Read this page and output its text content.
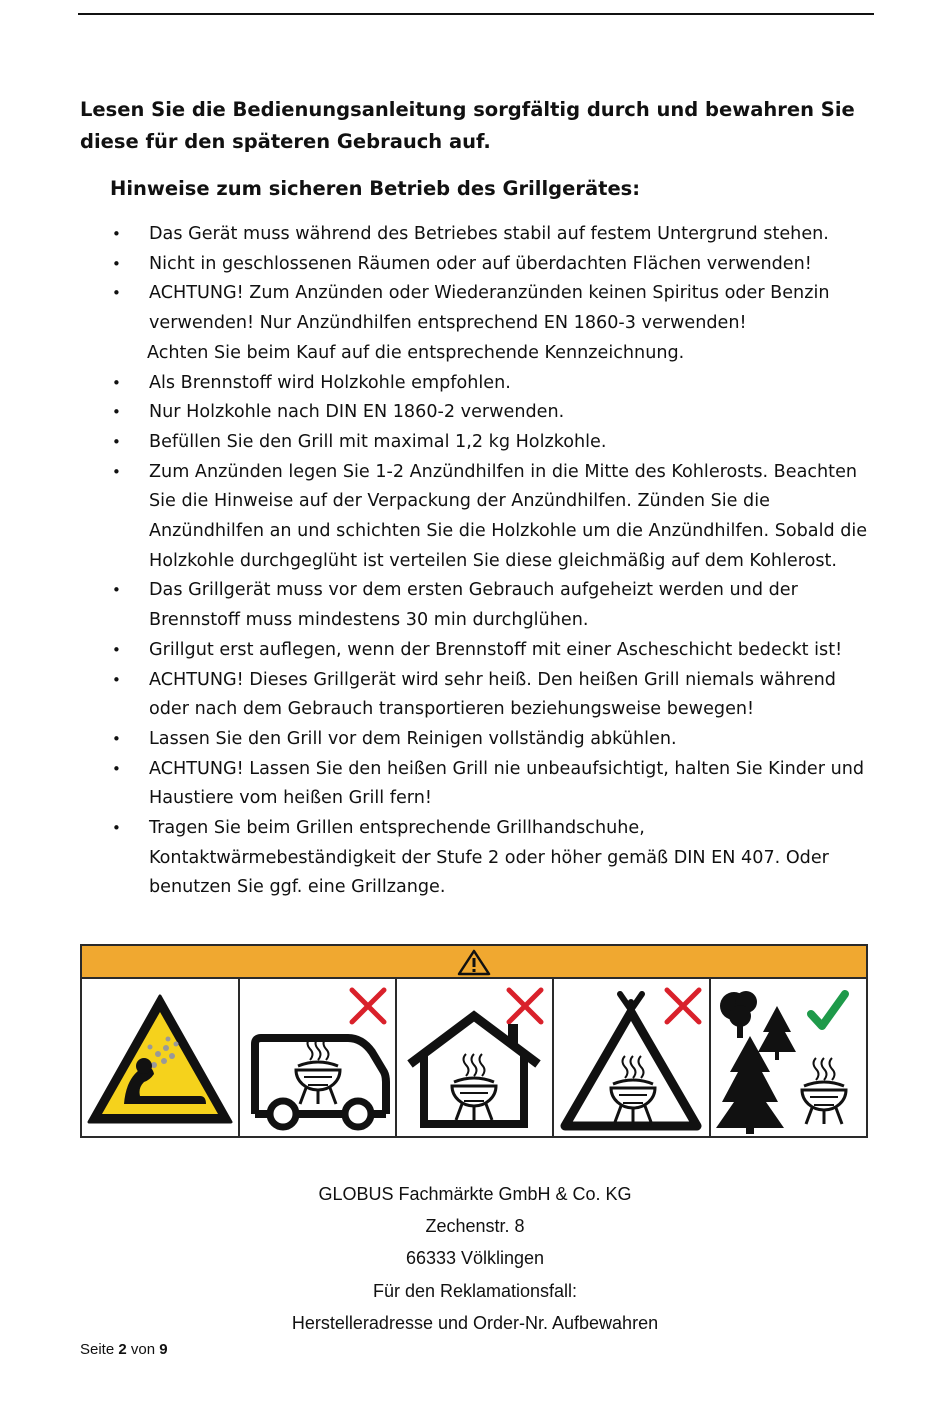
Lesen Sie die Bedienungsanleitung sorgfältig durch und bewahren Sie diese für den späteren Gebrauch auf.

Hinweise zum sicheren Betrieb des Grillgerätes:
• Das Gerät muss während des Betriebes stabil auf festem Untergrund stehen.
• Nicht in geschlossenen Räumen oder auf überdachten Flächen verwenden!
• ACHTUNG! Zum Anzünden oder Wiederanzünden keinen Spiritus oder Benzin verwenden! Nur Anzündhilfen entsprechend EN 1860-3 verwenden!
Achten Sie beim Kauf auf die entsprechende Kennzeichnung.
• Als Brennstoff wird Holzkohle empfohlen.
• Nur Holzkohle nach DIN EN 1860-2 verwenden.
• Befüllen Sie den Grill mit maximal 1,2 kg Holzkohle.
• Zum Anzünden legen Sie 1-2 Anzündhilfen in die Mitte des Kohlerosts. Beachten Sie die Hinweise auf der Verpackung der Anzündhilfen. Zünden Sie die Anzündhilfen an und schichten Sie die Holzkohle um die Anzündhilfen. Sobald die Holzkohle durchgeglüht ist verteilen Sie diese gleichmäßig auf dem Kohlerost.
• Das Grillgerät muss vor dem ersten Gebrauch aufgeheizt werden und der Brennstoff muss mindestens 30 min durchglühen.
• Grillgut erst auflegen, wenn der Brennstoff mit einer Ascheschicht bedeckt ist!
• ACHTUNG! Dieses Grillgerät wird sehr heiß. Den heißen Grill niemals während oder nach dem Gebrauch transportieren beziehungsweise bewegen!
• Lassen Sie den Grill vor dem Reinigen vollständig abkühlen.
• ACHTUNG! Lassen Sie den heißen Grill nie unbeaufsichtigt, halten Sie Kinder und Haustiere vom heißen Grill fern!
• Tragen Sie beim Grillen entsprechende Grillhandschuhe, Kontaktwärmebeständigkeit der Stufe 2 oder höher gemäß DIN EN 407. Oder benutzen Sie ggf. eine Grillzange.
GLOBUS Fachmärkte GmbH & Co. KG
Zechenstr. 8
66333 Völklingen
Für den Reklamationsfall:
Herstelleradresse und Order-Nr. Aufbewahren
Seite 2 von 9
